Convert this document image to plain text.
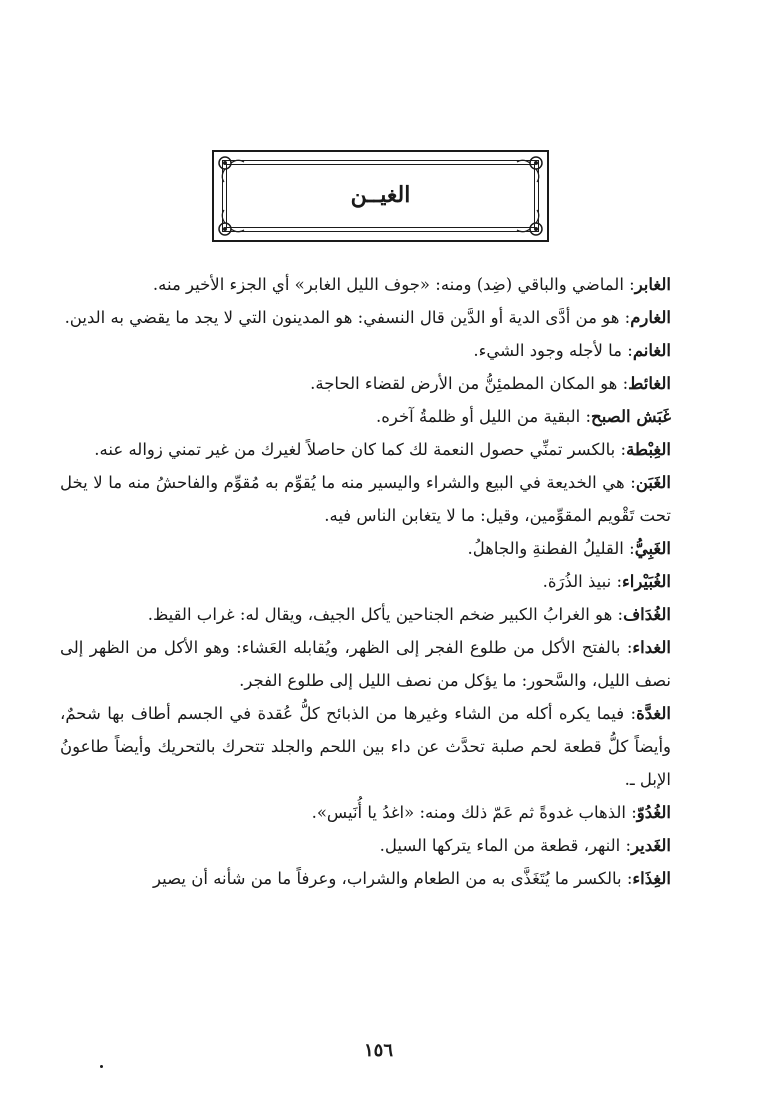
الغيــن

الغابر: الماضي والباقي (ضِد) ومنه: «جوف الليل الغابر» أي الجزء الأخير منه.

الغارم: هو من أدَّى الدية أو الدَّين قال النسفي: هو المدينون التي لا يجد ما يقضي به الدين.

الغانم: ما لأجله وجود الشيء.

الغائط: هو المكان المطمئِنُّ من الأرض لقضاء الحاجة.

غَبَش الصبح: البقية من الليل أو ظلمةُ آخره.

الغِبْطة: بالكسر تمنِّي حصول النعمة لك كما كان حاصلاً لغيرك من غير تمني زواله عنه.

الغَبَن: هي الخديعة في البيع والشراء واليسير منه ما يُقوِّم به مُقوِّم والفاحشُ منه ما لا يخل تحت تَقْويم المقوِّمين، وقيل: ما لا يتغابن الناس فيه.

الغَبِيُّ: القليلُ الفطنةِ والجاهلُ.

الغُبَيْراء: نبيذ الذُرَة.

الغُدَاف: هو الغرابُ الكبير ضخم الجناحين يأكل الجيف، ويقال له: غراب القيظ.

الغداء: بالفتح الأكل من طلوع الفجر إلى الظهر، ويُقابله العَشاء: وهو الأكل من الظهر إلى نصف الليل، والسَّحور: ما يؤكل من نصف الليل إلى طلوع الفجر.

الغدَّة: فيما يكره أكله من الشاء وغيرها من الذبائح كلُّ عُقدة في الجسم أطاف بها شحمٌ، وأيضاً كلُّ قطعة لحم صلبة تحدَّث عن داء بين اللحم والجلد تتحرك بالتحريك وأيضاً طاعونُ الإبل ـ.

الغُدُوّ: الذهاب غدوةً ثم عَمّ ذلك ومنه: «اغدُ يا أُنَيس».

الغَدير: النهر، قطعة من الماء يتركها السيل.

الغِذَاء: بالكسر ما يُتَغَذَّى به من الطعام والشراب، وعرفاً ما من شأنه أن يصير

١٥٦
